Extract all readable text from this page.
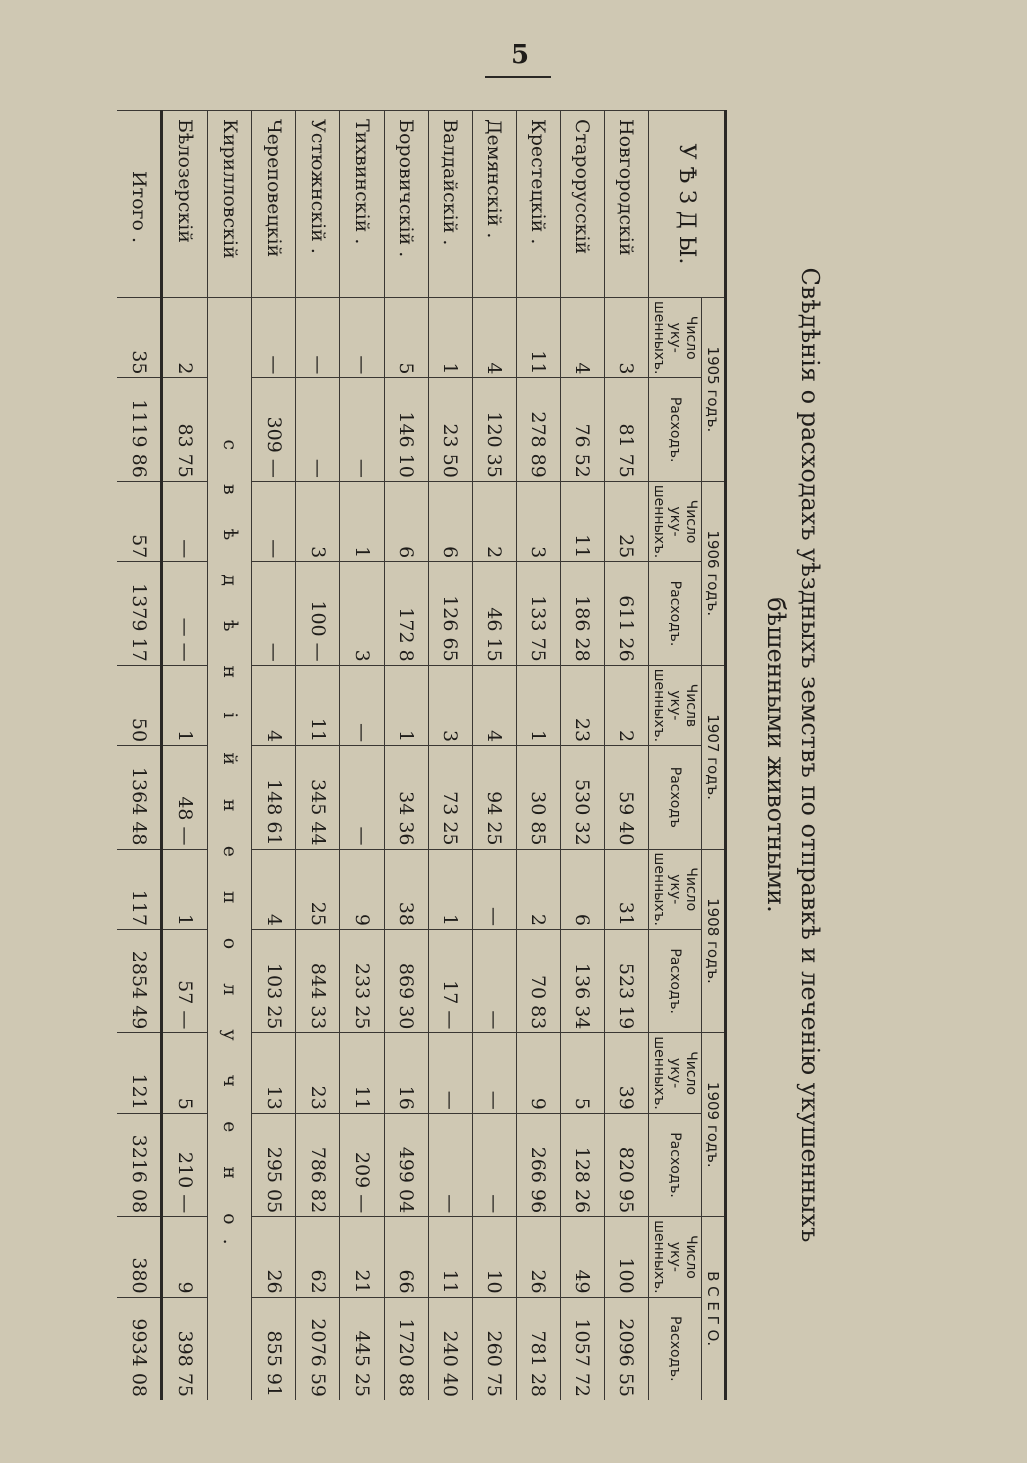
5
Свѣдѣнія о расходахъ уѣздныхъ земствъ по отправкѣ и леченію укушенныхъ
бѣшенными животными.
У Ѣ З Д Ы.	1905 годъ.		1906 годъ.		1907 годъ.		1908 годъ.		1909 годъ.		В С Е Г О.	
	Число уку-шенныхъ.	Расходъ.	Число уку-шенныхъ.	Расходъ.	Числв уку-шенныхъ.	Расходъ	Число уку-шенныхъ.	Расходъ.	Число уку-шенныхъ.	Расходъ.	Число уку-шенныхъ.	Расходъ.
Новгородскій	3	81 75	25	611 26	2	59 40	31	523 19	39	820 95	100	2096 55
Старорусскій	4	76 52	11	186 28	23	530 32	6	136 34	5	128 26	49	1057 72
Крестецкій .	11	278 89	3	133 75	1	30 85	2	70 83	9	266 96	26	781 28
Демянскій .	4	120 35	2	46 15	4	94 25	—	—	—	—	10	260 75
Валдайскій .	1	23 50	6	126 65	3	73 25	1	17 —	—	—	11	240 40
Боровичскій .	5	146 10	6	172 8	1	34 36	38	869 30	16	499 04	66	1720 88
Тихвинскій .	—	—	1	3	—	—	9	233 25	11	209 —	21	445 25
Устюжнскій .	—	—	3	100 —	11	345 44	25	844 33	23	786 82	62	2076 59
Череповецкій	—	309 —	—	—	4	148 61	4	103 25	13	295 05	26	855 91
Кирилловскій	с в ѣ д ѣ н і й н е п о л у ч е н о.											
Бѣлозерскій	2	83 75	—	— —	1	48 —	1	57 —	5	210 —	9	398 75
Итого .	35	1119 86	57	1379 17	50	1364 48	117	2854 49	121	3216 08	380	9934 08
